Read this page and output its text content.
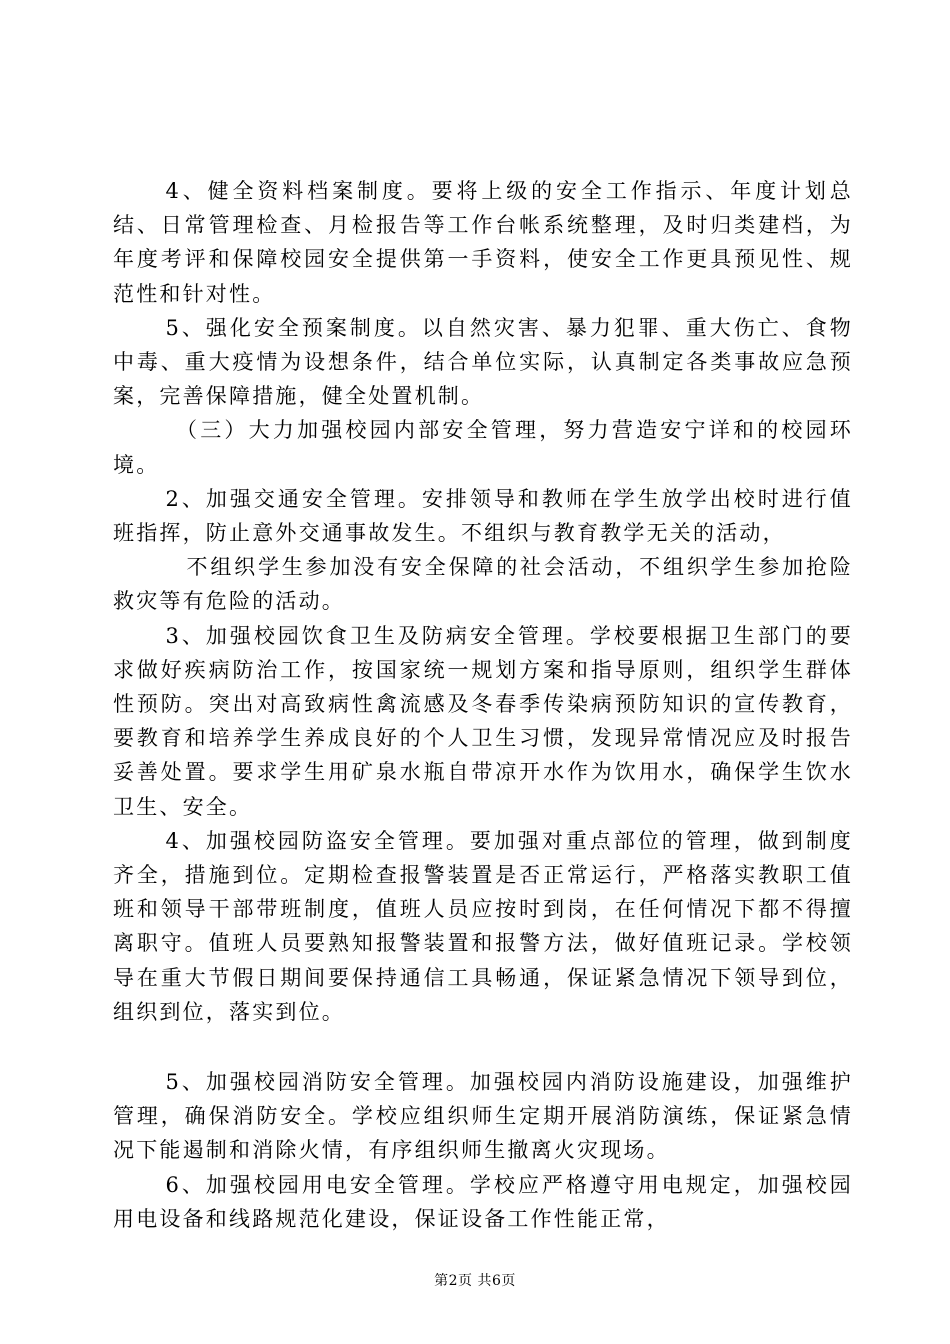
4、健全资料档案制度。要将上级的安全工作指示、年度计划总结、日常管理检查、月检报告等工作台帐系统整理，及时归类建档，为年度考评和保障校园安全提供第一手资料，使安全工作更具预见性、规范性和针对性。

5、强化安全预案制度。以自然灾害、暴力犯罪、重大伤亡、食物中毒、重大疫情为设想条件，结合单位实际，认真制定各类事故应急预案，完善保障措施，健全处置机制。

（三）大力加强校园内部安全管理，努力营造安宁详和的校园环境。

2、加强交通安全管理。安排领导和教师在学生放学出校时进行值班指挥，防止意外交通事故发生。不组织与教育教学无关的活动，

不组织学生参加没有安全保障的社会活动，不组织学生参加抢险救灾等有危险的活动。

3、加强校园饮食卫生及防病安全管理。学校要根据卫生部门的要求做好疾病防治工作，按国家统一规划方案和指导原则，组织学生群体性预防。突出对高致病性禽流感及冬春季传染病预防知识的宣传教育，要教育和培养学生养成良好的个人卫生习惯，发现异常情况应及时报告妥善处置。要求学生用矿泉水瓶自带凉开水作为饮用水，确保学生饮水卫生、安全。

4、加强校园防盗安全管理。要加强对重点部位的管理，做到制度齐全，措施到位。定期检查报警装置是否正常运行，严格落实教职工值班和领导干部带班制度，值班人员应按时到岗，在任何情况下都不得擅离职守。值班人员要熟知报警装置和报警方法，做好值班记录。学校领导在重大节假日期间要保持通信工具畅通，保证紧急情况下领导到位，组织到位，落实到位。

5、加强校园消防安全管理。加强校园内消防设施建设，加强维护管理，确保消防安全。学校应组织师生定期开展消防演练，保证紧急情况下能遏制和消除火情，有序组织师生撤离火灾现场。

6、加强校园用电安全管理。学校应严格遵守用电规定，加强校园用电设备和线路规范化建设，保证设备工作性能正常，

第2页 共6页
